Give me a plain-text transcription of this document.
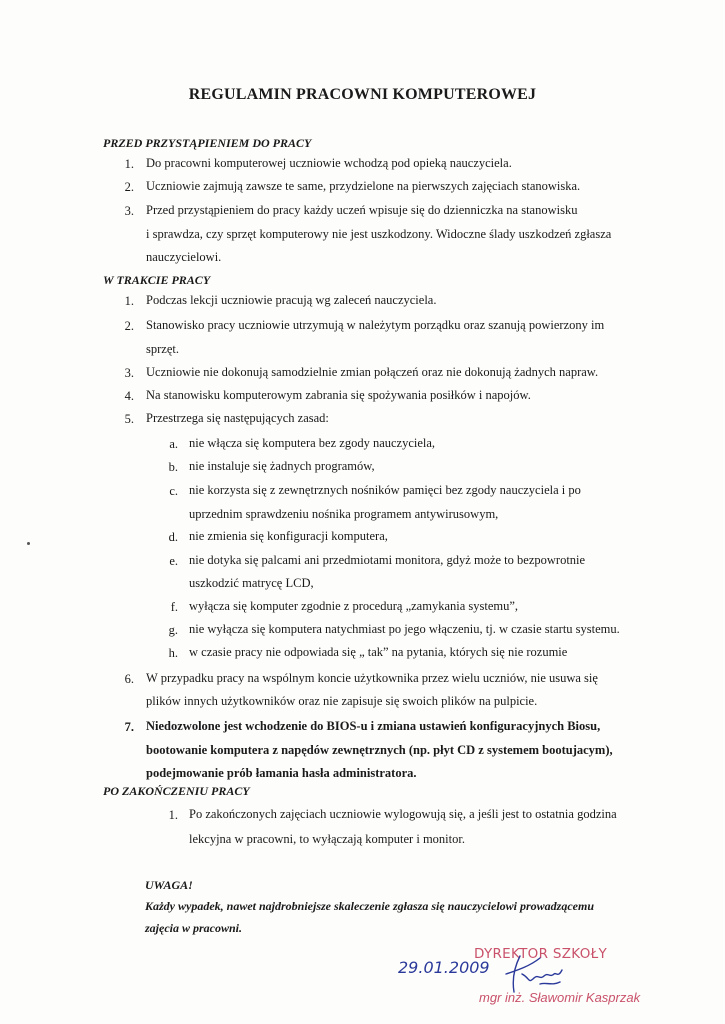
REGULAMIN PRACOWNI KOMPUTEROWEJ
PRZED PRZYSTĄPIENIEM DO PRACY
1. Do pracowni komputerowej uczniowie wchodzą pod opieką nauczyciela.
2. Uczniowie zajmują zawsze te same, przydzielone na pierwszych zajęciach stanowiska.
3. Przed przystąpieniem do pracy każdy uczeń wpisuje się do dzienniczka na stanowisku
i sprawdza, czy sprzęt komputerowy nie jest uszkodzony. Widoczne ślady uszkodzeń zgłasza
nauczycielowi.
W TRAKCIE PRACY
1. Podczas lekcji uczniowie pracują wg zaleceń nauczyciela.
2. Stanowisko pracy uczniowie utrzymują w należytym porządku oraz szanują powierzony im
sprzęt.
3. Uczniowie nie dokonują samodzielnie zmian połączeń oraz nie dokonują żadnych napraw.
4. Na stanowisku komputerowym zabrania się spożywania posiłków i napojów.
5. Przestrzega się następujących zasad:
a. nie włącza się komputera bez zgody nauczyciela,
b. nie instaluje się żadnych programów,
c. nie korzysta się z zewnętrznych nośników pamięci bez zgody nauczyciela i po
uprzednim sprawdzeniu nośnika programem antywirusowym,
d. nie zmienia się konfiguracji komputera,
e. nie dotyka się palcami ani przedmiotami monitora, gdyż może to bezpowrotnie
uszkodzić matrycę LCD,
f. wyłącza się komputer zgodnie z procedurą „zamykania systemu”,
g. nie wyłącza się komputera natychmiast po jego włączeniu, tj. w czasie startu systemu.
h. w czasie pracy nie odpowiada się „ tak” na pytania, których się nie rozumie
6. W przypadku pracy na wspólnym koncie użytkownika przez wielu uczniów, nie usuwa się
plików innych użytkowników oraz nie zapisuje się swoich plików na pulpicie.
7. Niedozwolone jest wchodzenie do BIOS-u i zmiana ustawień konfiguracyjnych Biosu,
bootowanie komputera z napędów zewnętrznych (np. płyt CD z systemem bootujacym),
podejmowanie prób łamania hasła administratora.
PO ZAKOŃCZENIU PRACY
1. Po zakończonych zajęciach uczniowie wylogowują się, a jeśli jest to ostatnia godzina
lekcyjna w pracowni, to wyłączają komputer i monitor.
UWAGA!
Każdy wypadek, nawet najdrobniejsze skaleczenie zgłasza się nauczycielowi prowadzącemu
zajęcia w pracowni.
DYREKTOR SZKOŁY
29.01.2009
mgr inż. Sławomir Kasprzak
